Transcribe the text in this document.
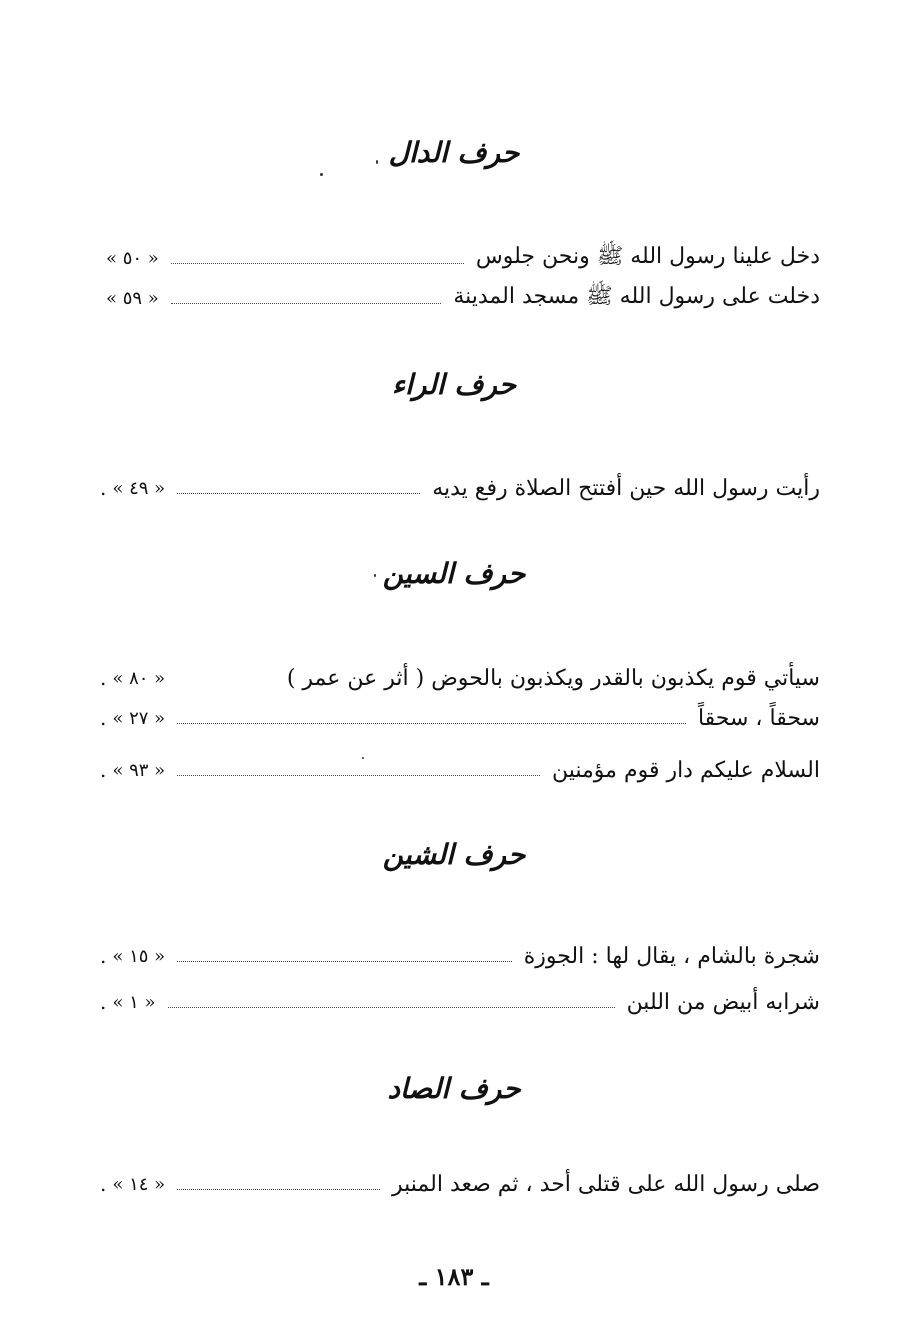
حرف الدال
دخل علينا رسول الله ﷺ ونحن جلوس
« ٥٠ »
دخلت على رسول الله ﷺ مسجد المدينة
« ٥٩ »
حرف الراء
رأيت رسول الله حين أفتتح الصلاة رفع يديه
« ٤٩ »
.
حرف السين
سيأتي قوم يكذبون بالقدر ويكذبون بالحوض ( أثر عن عمر )
« ٨٠ »
.
سحقاً ، سحقاً
« ٢٧ »
.
السلام عليكم دار قوم مؤمنين
« ٩٣ »
.
حرف الشين
شجرة بالشام ، يقال لها : الجوزة
« ١٥ »
.
شرابه أبيض من اللبن
« ١ »
.
حرف الصاد
صلى رسول الله على قتلى أحد ، ثم صعد المنبر
« ١٤ »
.
ـ ١٨٣ ـ
